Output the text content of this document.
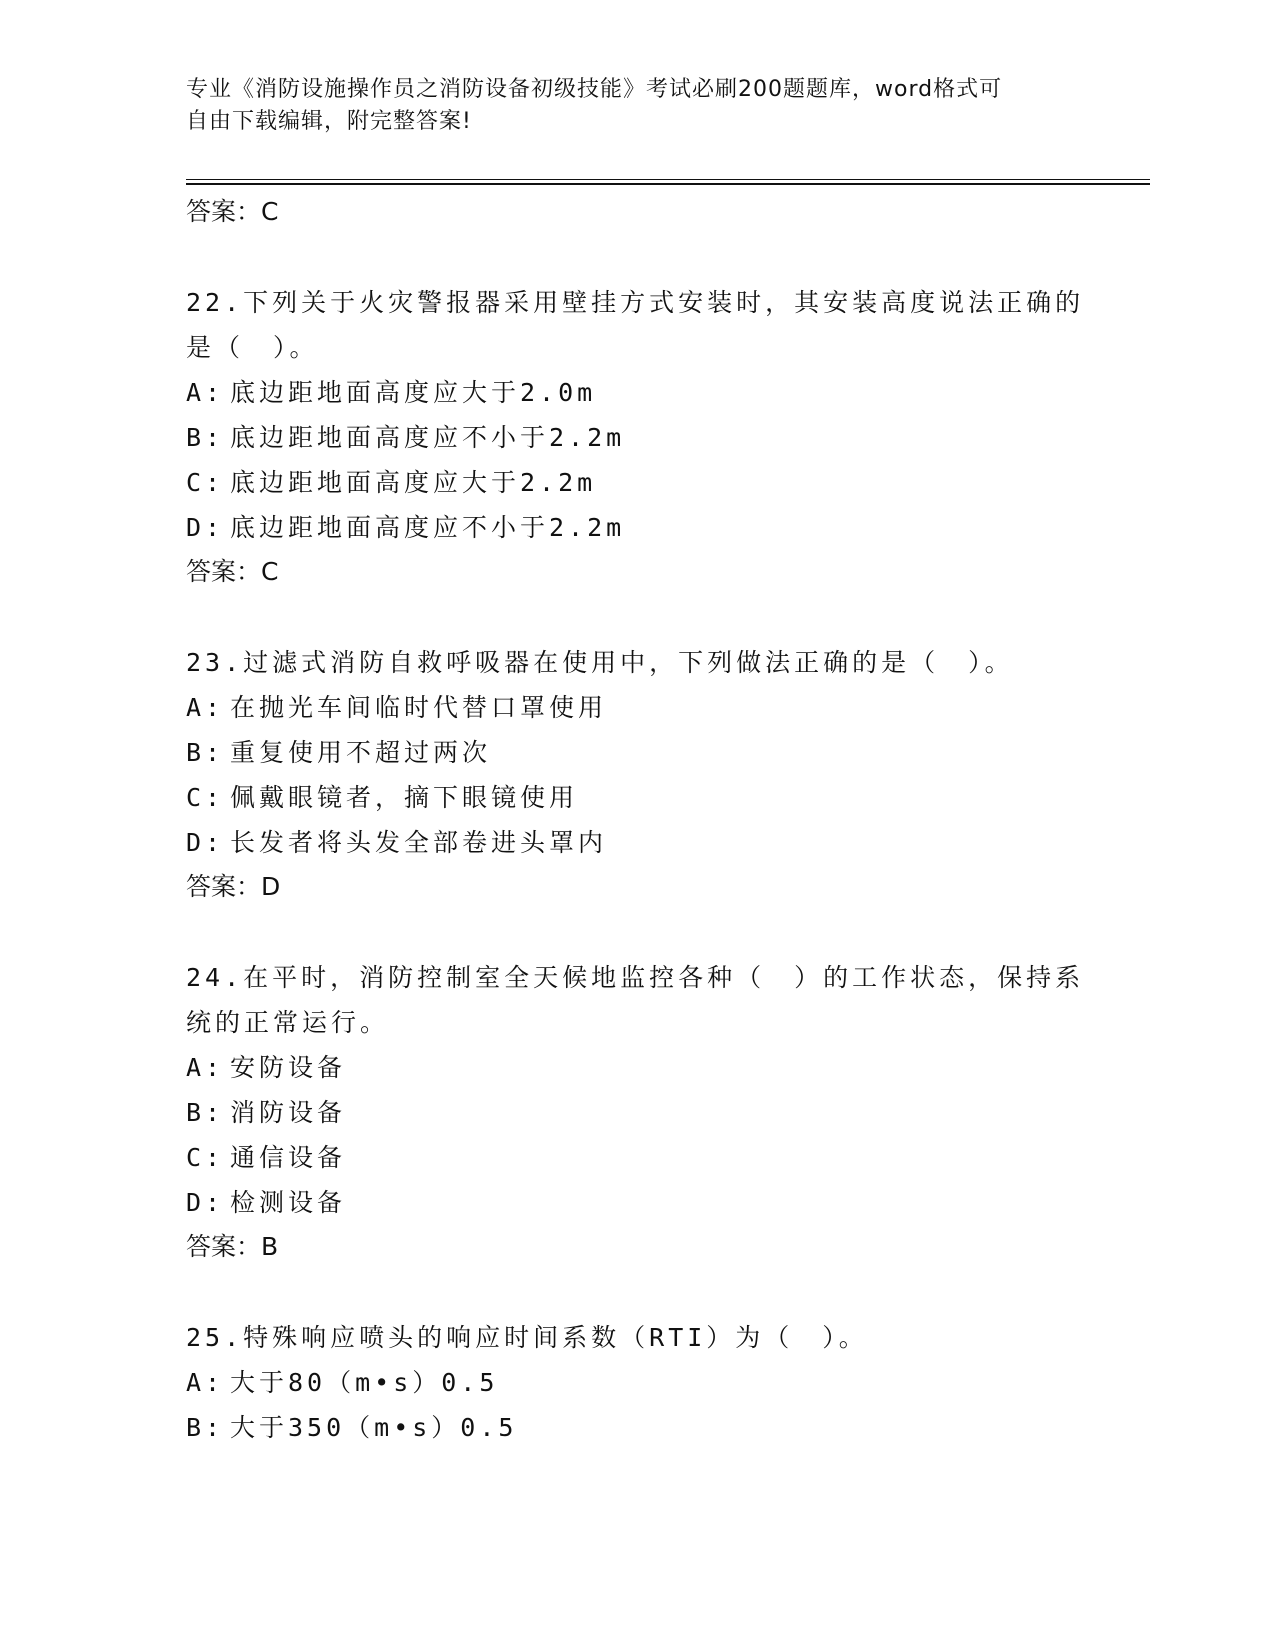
专业《消防设施操作员之消防设备初级技能》考试必刷200题题库，word格式可
自由下载编辑，附完整答案!

答案：C

22.下列关于火灾警报器采用壁挂方式安装时，其安装高度说法正确的是（　）。

A: 底边距地面高度应大于2.0m

B: 底边距地面高度应不小于2.2m

C: 底边距地面高度应大于2.2m

D: 底边距地面高度应不小于2.2m

答案：C

23.过滤式消防自救呼吸器在使用中，下列做法正确的是（　）。

A: 在抛光车间临时代替口罩使用

B: 重复使用不超过两次

C: 佩戴眼镜者，摘下眼镜使用

D: 长发者将头发全部卷进头罩内

答案：D

24.在平时，消防控制室全天候地监控各种（　）的工作状态，保持系统的正常运行。

A: 安防设备

B: 消防设备

C: 通信设备

D: 检测设备

答案：B

25.特殊响应喷头的响应时间系数（RTI）为（　）。

A: 大于80（m•s）0.5

B: 大于350（m•s）0.5
